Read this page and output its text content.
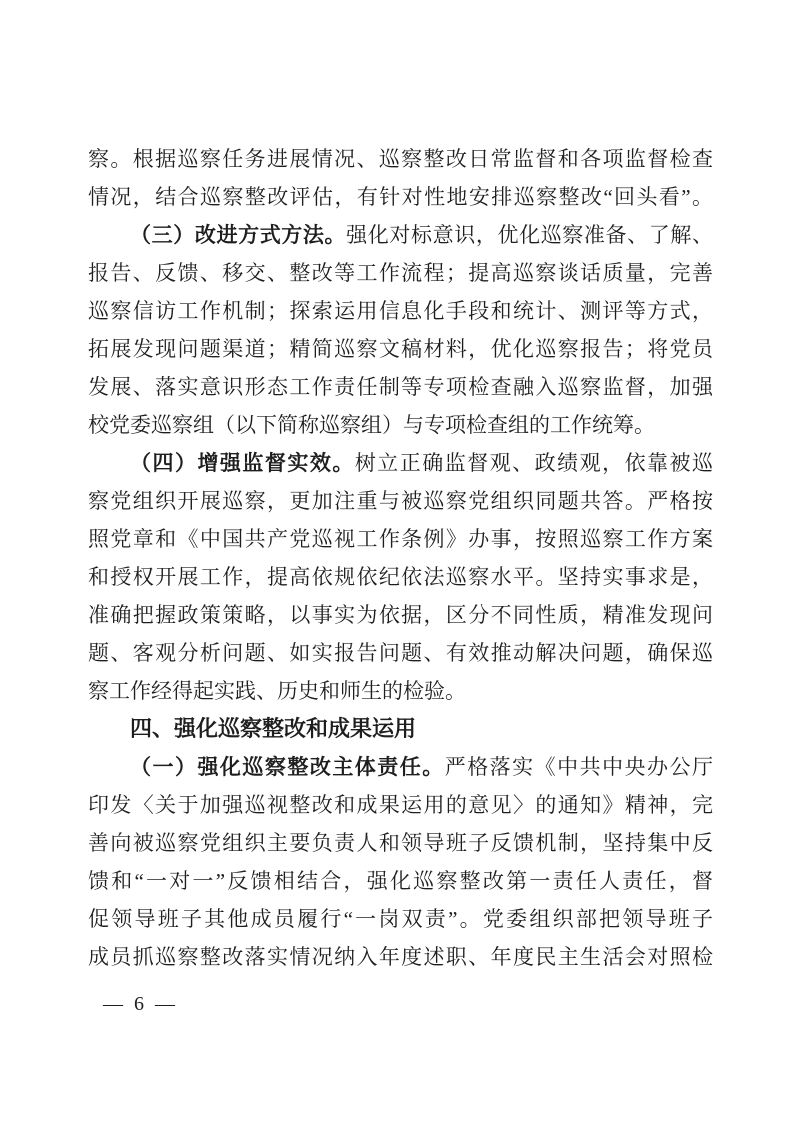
察。根据巡察任务进展情况、巡察整改日常监督和各项监督检查
情况，结合巡察整改评估，有针对性地安排巡察整改“回头看”。
（三）改进方式方法。强化对标意识，优化巡察准备、了解、
报告、反馈、移交、整改等工作流程；提高巡察谈话质量，完善
巡察信访工作机制；探索运用信息化手段和统计、测评等方式，
拓展发现问题渠道；精简巡察文稿材料，优化巡察报告；将党员
发展、落实意识形态工作责任制等专项检查融入巡察监督，加强
校党委巡察组（以下简称巡察组）与专项检查组的工作统筹。
（四）增强监督实效。树立正确监督观、政绩观，依靠被巡
察党组织开展巡察，更加注重与被巡察党组织同题共答。严格按
照党章和《中国共产党巡视工作条例》办事，按照巡察工作方案
和授权开展工作，提高依规依纪依法巡察水平。坚持实事求是，
准确把握政策策略，以事实为依据，区分不同性质，精准发现问
题、客观分析问题、如实报告问题、有效推动解决问题，确保巡
察工作经得起实践、历史和师生的检验。
四、强化巡察整改和成果运用
（一）强化巡察整改主体责任。严格落实《中共中央办公厅
印发〈关于加强巡视整改和成果运用的意见〉的通知》精神，完
善向被巡察党组织主要负责人和领导班子反馈机制，坚持集中反
馈和“一对一”反馈相结合，强化巡察整改第一责任人责任，督
促领导班子其他成员履行“一岗双责”。党委组织部把领导班子
成员抓巡察整改落实情况纳入年度述职、年度民主生活会对照检
— 6 —
